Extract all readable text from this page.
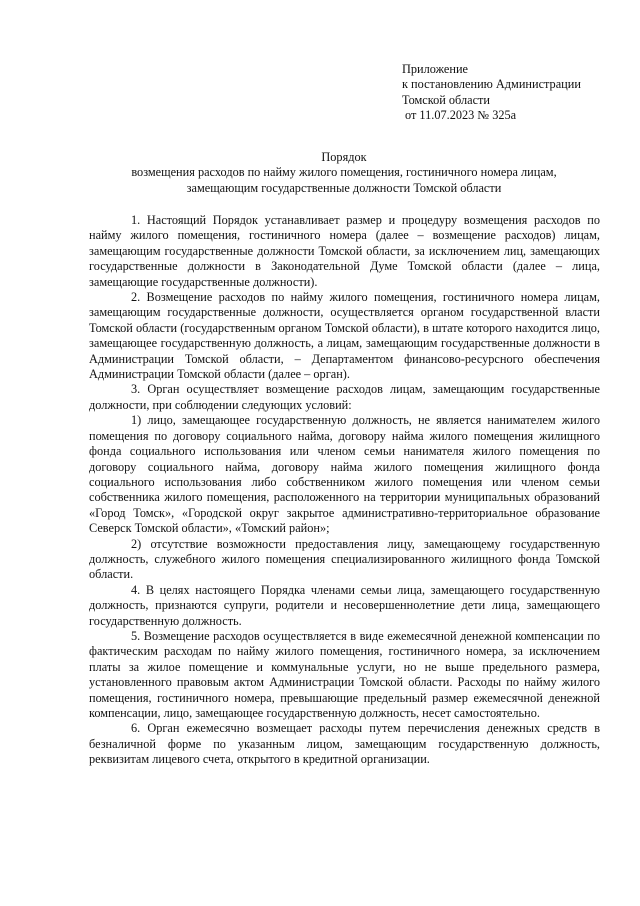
Приложение
к постановлению Администрации
Томской области
от 11.07.2023 № 325а
Порядок
возмещения расходов по найму жилого помещения, гостиничного номера лицам,
замещающим государственные должности Томской области

1. Настоящий Порядок устанавливает размер и процедуру возмещения расходов по найму жилого помещения, гостиничного номера (далее – возмещение расходов) лицам, замещающим государственные должности Томской области, за исключением лиц, замещающих государственные должности в Законодательной Думе Томской области (далее – лица, замещающие государственные должности).

2. Возмещение расходов по найму жилого помещения, гостиничного номера лицам, замещающим государственные должности, осуществляется органом государственной власти Томской области (государственным органом Томской области), в штате которого находится лицо, замещающее государственную должность, а лицам, замещающим государственные должности в Администрации Томской области, – Департаментом финансово-ресурсного обеспечения Администрации Томской области (далее – орган).

3. Орган осуществляет возмещение расходов лицам, замещающим государственные должности, при соблюдении следующих условий:

1) лицо, замещающее государственную должность, не является нанимателем жилого помещения по договору социального найма, договору найма жилого помещения жилищного фонда социального использования или членом семьи нанимателя жилого помещения по договору социального найма, договору найма жилого помещения жилищного фонда социального использования либо собственником жилого помещения или членом семьи собственника жилого помещения, расположенного на территории муниципальных образований «Город Томск», «Городской округ закрытое административно-территориальное образование Северск Томской области», «Томский район»;

2) отсутствие возможности предоставления лицу, замещающему государственную должность, служебного жилого помещения специализированного жилищного фонда Томской области.

4. В целях настоящего Порядка членами семьи лица, замещающего государственную должность, признаются супруги, родители и несовершеннолетние дети лица, замещающего государственную должность.

5. Возмещение расходов осуществляется в виде ежемесячной денежной компенсации по фактическим расходам по найму жилого помещения, гостиничного номера, за исключением платы за жилое помещение и коммунальные услуги, но не выше предельного размера, установленного правовым актом Администрации Томской области. Расходы по найму жилого помещения, гостиничного номера, превышающие предельный размер ежемесячной денежной компенсации, лицо, замещающее государственную должность, несет самостоятельно.

6. Орган ежемесячно возмещает расходы путем перечисления денежных средств в безналичной форме по указанным лицом, замещающим государственную должность, реквизитам лицевого счета, открытого в кредитной организации.
